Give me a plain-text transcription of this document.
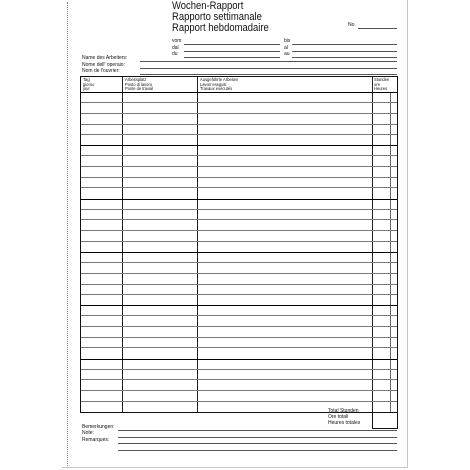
Wochen-Rapport
Rapporto settimanale
Rapport hebdomadaire	No.
vom
dal
du
bis
al
au
Name des Arbeiters:
Nome dell' operaio:
Nom de l'ouvrier:
Tag
giorno
jour
Arbeitsplatz
Posto di lavoro
Poste de travail
Ausgeführte Arbeiten
Lavori eseguiti
Travaux exécutés
Stunden
ore
Heures
Total Stunden
Ore totali
Heures totales
Bemerkungen:
Note:
Remarques:
